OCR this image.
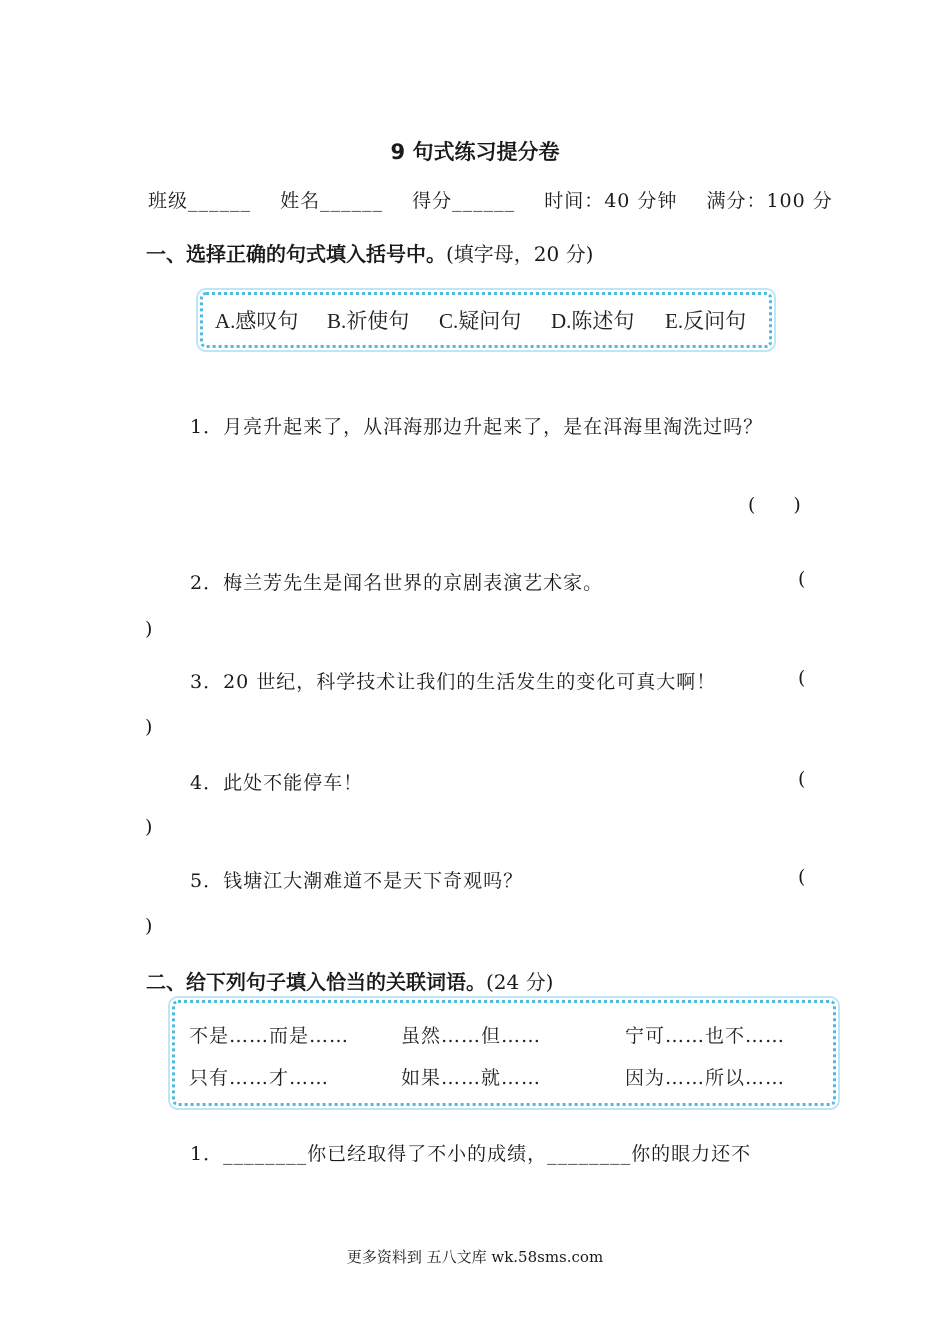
9 句式练习提分卷
班级______ 姓名______ 得分______ 时间：40 分钟 满分：100 分
一、选择正确的句式填入括号中。(填字母，20 分)
A.感叹句 B.祈使句 C.疑问句 D.陈述句 E.反问句
1．月亮升起来了，从洱海那边升起来了，是在洱海里淘洗过吗？
(　　)
2．梅兰芳先生是闻名世界的京剧表演艺术家。	(
)
3．20 世纪，科学技术让我们的生活发生的变化可真大啊！	(
)
4．此处不能停车！	(
)
5．钱塘江大潮难道不是天下奇观吗？	(
)
二、给下列句子填入恰当的关联词语。(24 分)
不是……而是……	虽然……但……	宁可……也不……
只有……才……	如果……就……	因为……所以……
1．________你已经取得了不小的成绩，________你的眼力还不
更多资料到 五八文库 wk.58sms.com
